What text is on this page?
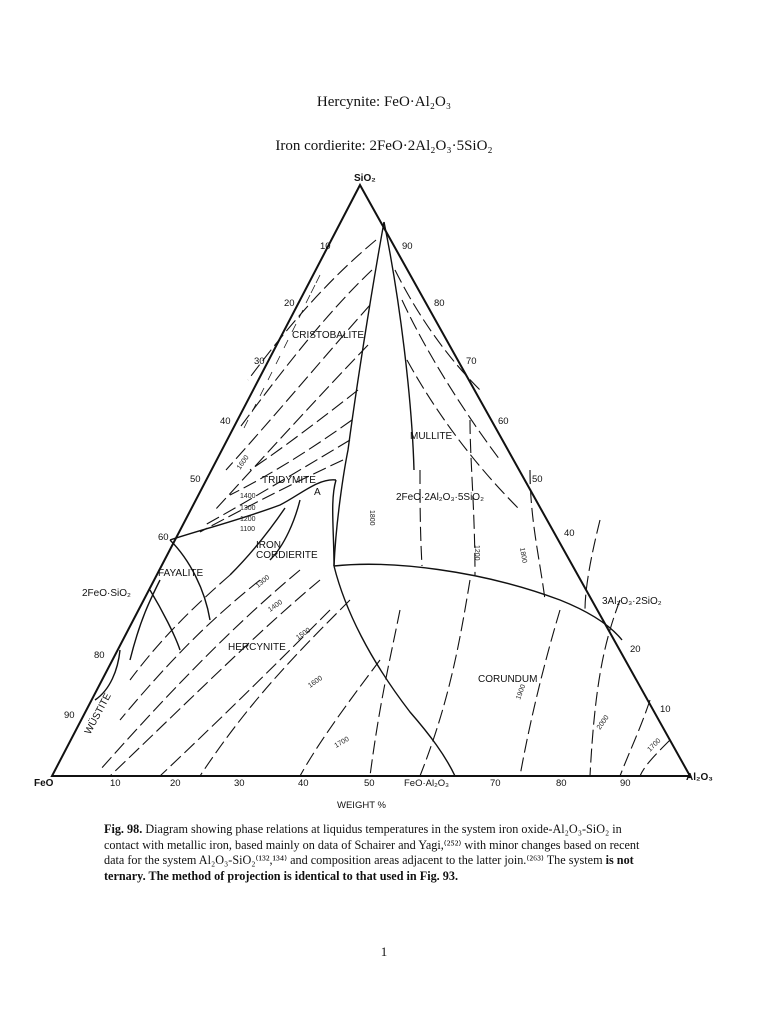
Hercynite: FeO·Al₂O₃
Iron cordierite: 2FeO·2Al₂O₃·5SiO₂
SiO₂
FeO
Al₂O₃
10	20	30	40	50	FeO·Al₂O₃	70	80	90
WEIGHT %
10
20
30
40
50
60
80
90
90
80
70
60
50
40
20
10
CRISTOBALITE
TRIDYMITE
MULLITE
2FeO·2Al₂O₃·5SiO₂
A
IRON
CORDIERITE
FAYALITE
2FeO·SiO₂
HERCYNITE
CORUNDUM
3Al₂O₃·2SiO₂
WÜSTITE
1600
1400
1300
1200
1100
1300
1400
1500
1600
1700
1800
1900
2000
1700
1800
1200
Fig. 98. Diagram showing phase relations at liquidus temperatures in the system iron oxide-Al₂O₃-SiO₂ in contact with metallic iron, based mainly on data of Schairer and Yagi,⁽²⁵²⁾ with minor changes based on recent data for the system Al₂O₃-SiO₂⁽¹³²,¹³⁴⁾ and composition areas adjacent to the latter join.⁽²⁶³⁾ The system is not ternary. The method of projection is identical to that used in Fig. 93.
1
